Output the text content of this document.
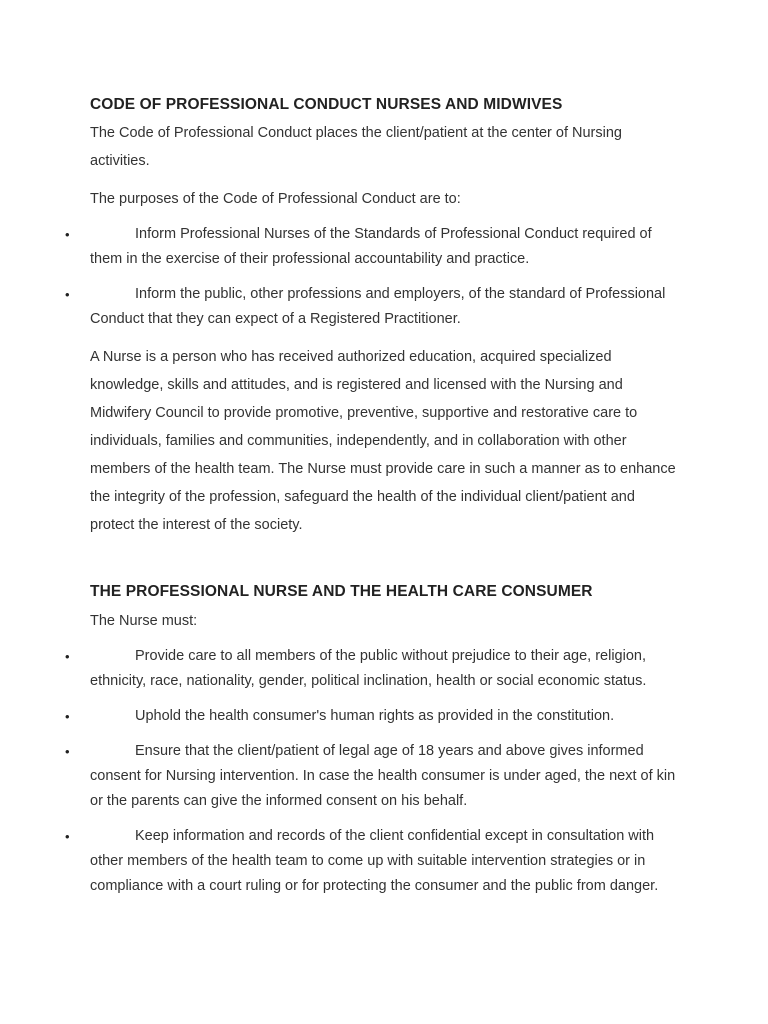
CODE OF PROFESSIONAL CONDUCT NURSES AND MIDWIVES

The Code of Professional Conduct places the client/patient at the center of Nursing activities.

The purposes of the Code of Professional Conduct are to:

•	Inform Professional Nurses of the Standards of Professional Conduct required of them in the exercise of their professional accountability and practice.
•	Inform the public, other professions and employers, of the standard of Professional Conduct that they can expect of a Registered Practitioner.

A Nurse is a person who has received authorized education, acquired specialized knowledge, skills and attitudes, and is registered and licensed with the Nursing and Midwifery Council to provide promotive, preventive, supportive and restorative care to individuals, families and communities, independently, and in collaboration with other members of the health team. The Nurse must provide care in such a manner as to enhance the integrity of the profession, safeguard the health of the individual client/patient and protect the interest of the society.

THE PROFESSIONAL NURSE AND THE HEALTH CARE CONSUMER

The Nurse must:

•	Provide care to all members of the public without prejudice to their age, religion, ethnicity, race, nationality, gender, political inclination, health or social economic status.
•	Uphold the health consumer's human rights as provided in the constitution.
•	Ensure that the client/patient of legal age of 18 years and above gives informed consent for Nursing intervention. In case the health consumer is under aged, the next of kin or the parents can give the informed consent on his behalf.
•	Keep information and records of the client confidential except in consultation with other members of the health team to come up with suitable intervention strategies or in compliance with a court ruling or for protecting the consumer and the public from danger.
